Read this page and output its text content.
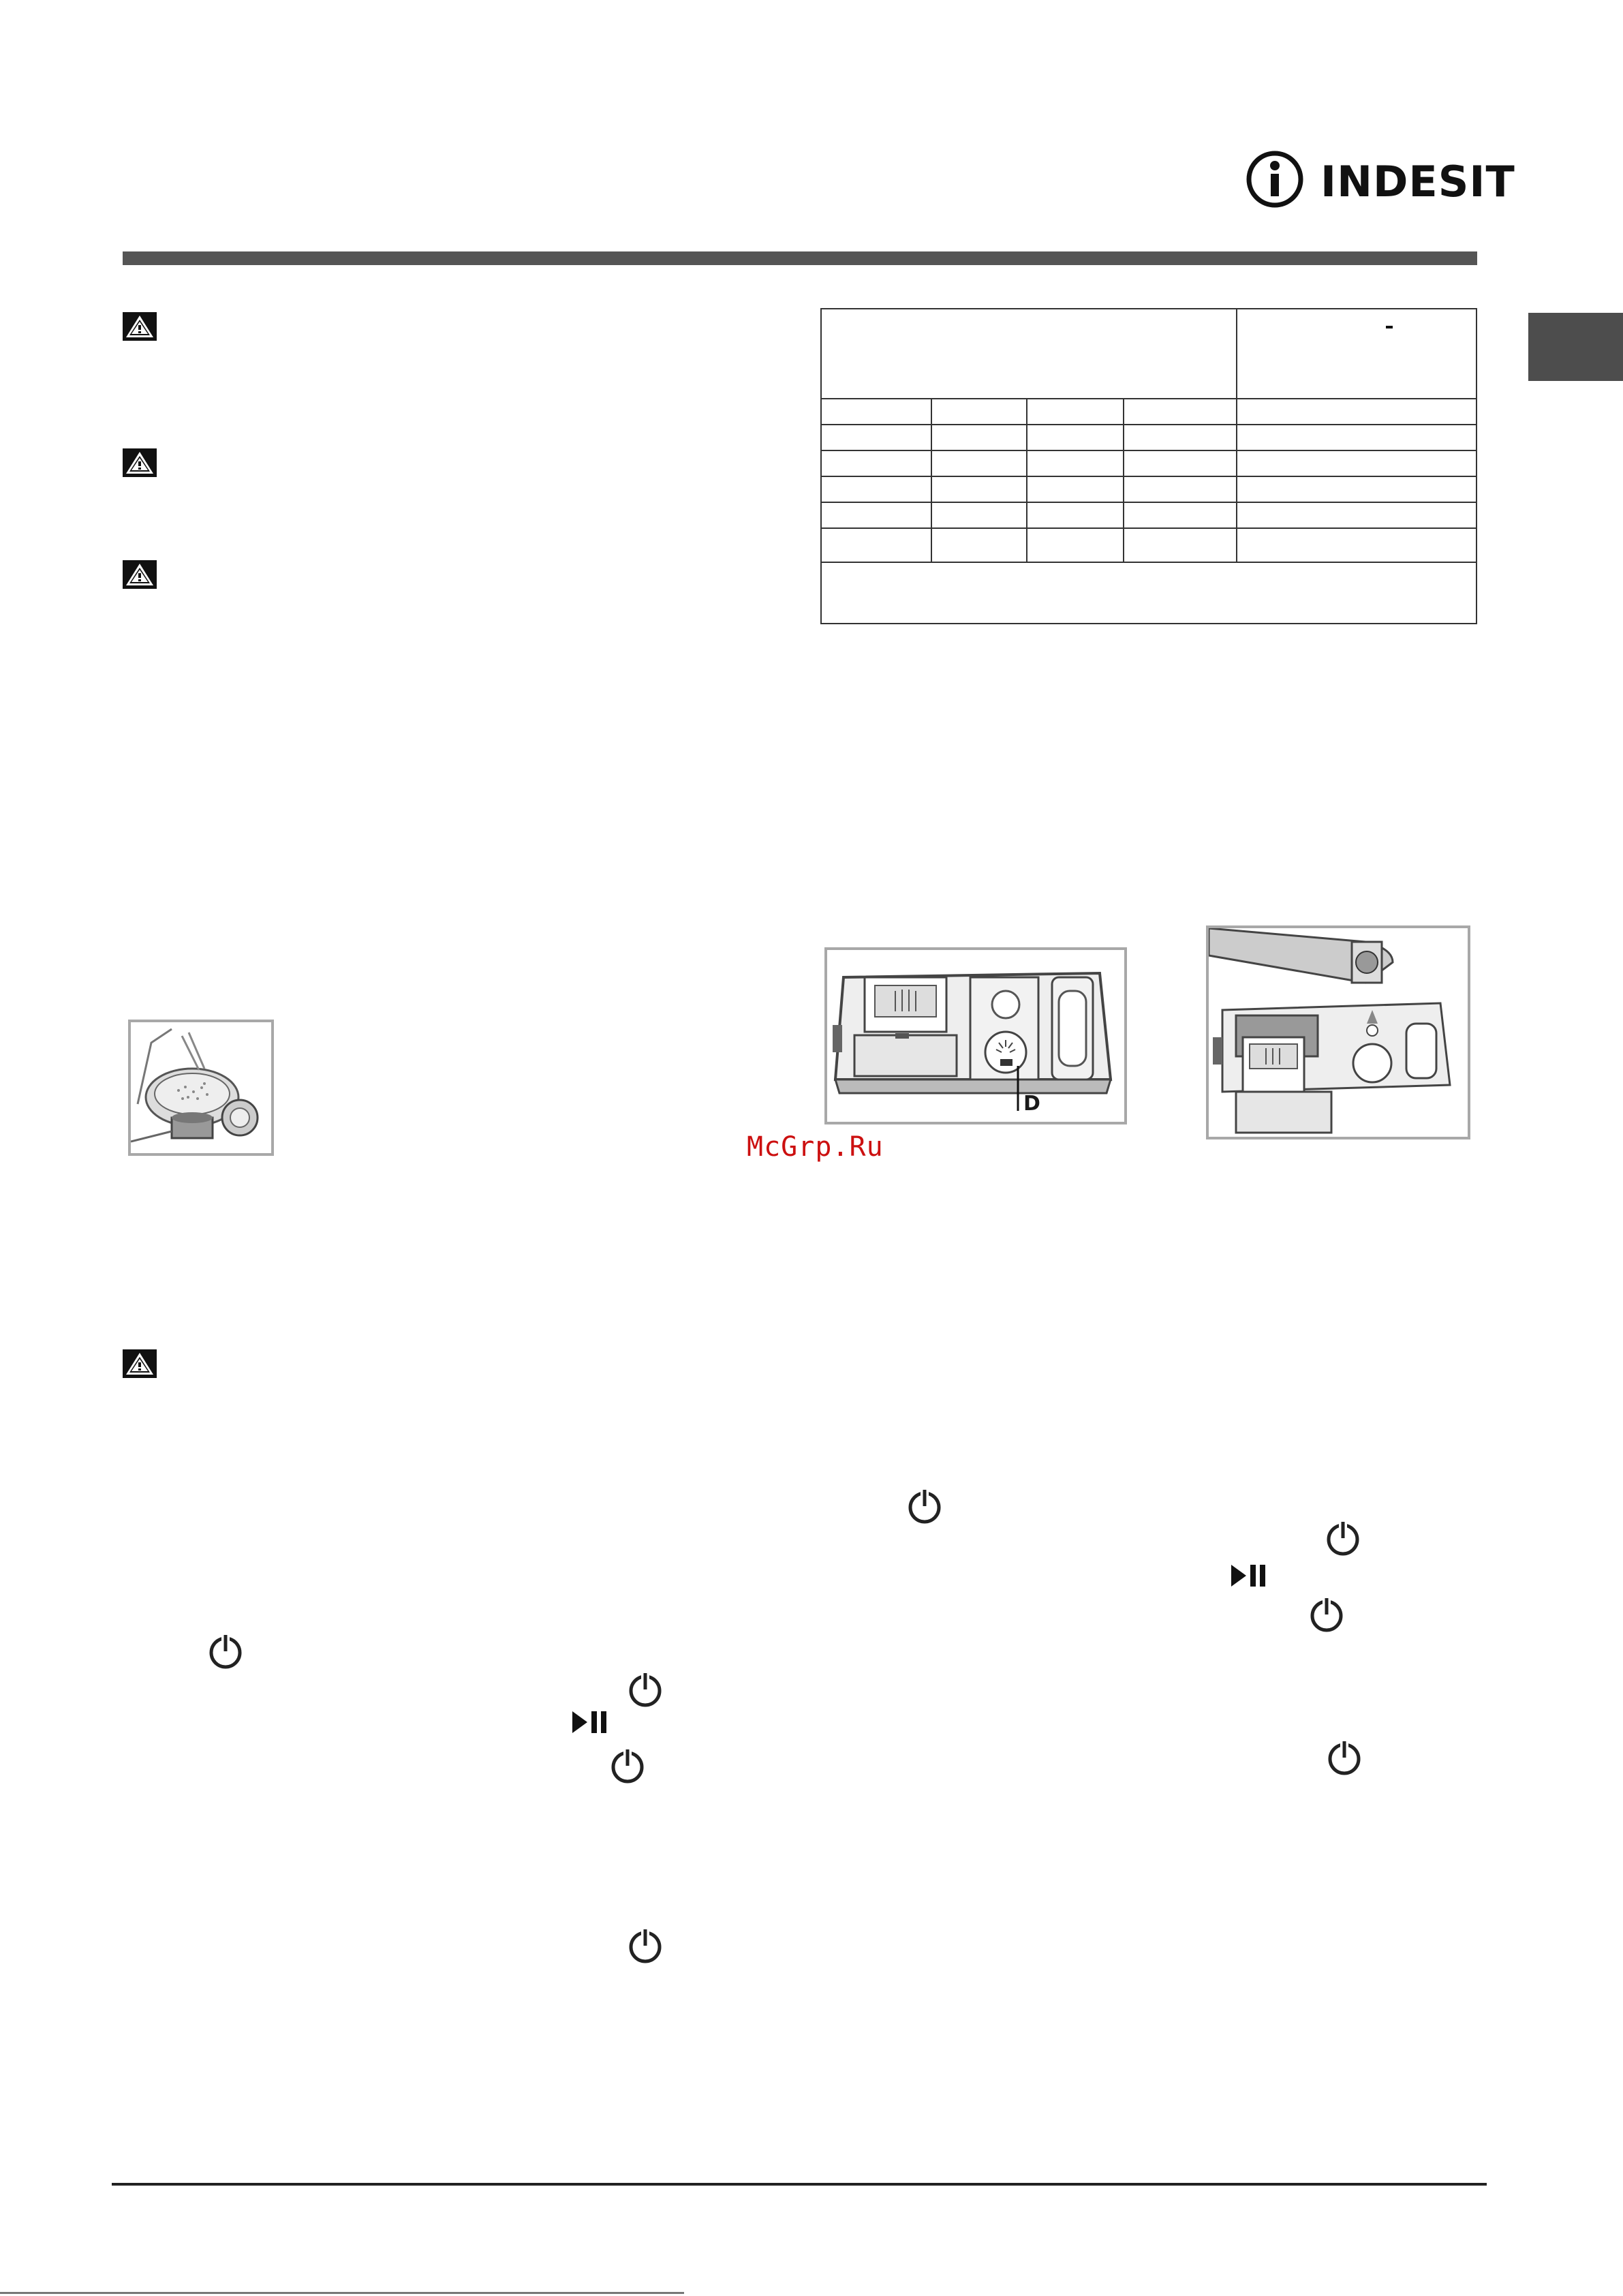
INDESIT

D
McGrp.Ru
